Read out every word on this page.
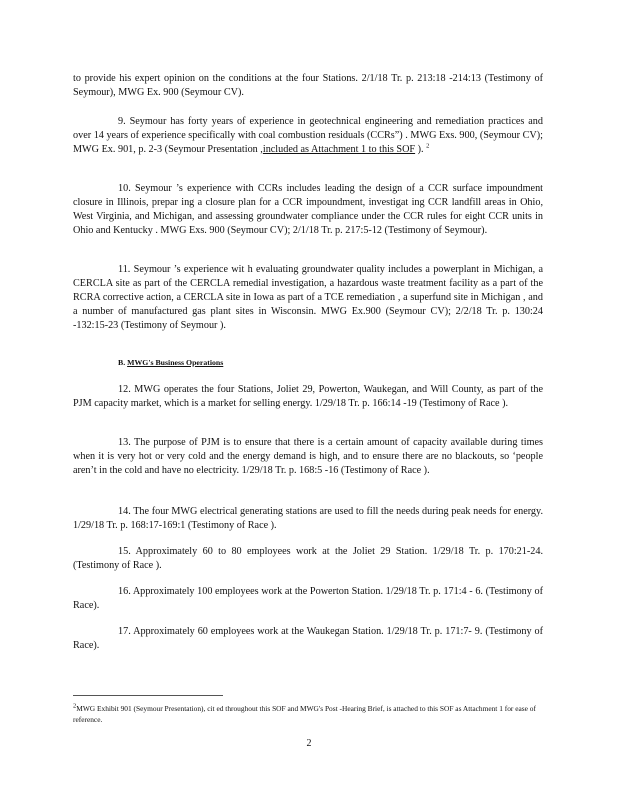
to provide his expert opinion on the conditions at the four Stations. 2/1/18 Tr. p. 213:18 -214:13 (Testimony of Seymour), MWG Ex. 900 (Seymour CV).

9. Seymour has forty years of experience in geotechnical engineering and remediation practices and over 14 years of experience specifically with coal combustion residuals (CCRs”) . MWG Exs. 900, (Seymour CV); MWG Ex. 901, p. 2-3 (Seymour Presentation ,included as Attachment 1 to this SOF ). $^2$

10. Seymour ’s experience with CCRs includes leading the design of a CCR surface impoundment closure in Illinois, prepar ing a closure plan for a CCR impoundment, investigat ing CCR landfill areas in Ohio, West Virginia, and Michigan, and assessing groundwater compliance under the CCR rules for eight CCR units in Ohio and Kentucky . MWG Exs. 900 (Seymour CV); 2/1/18 Tr. p. 217:5-12 (Testimony of Seymour).

11. Seymour ’s experience wit h evaluating groundwater quality includes a powerplant in Michigan, a CERCLA site as part of the CERCLA remedial investigation, a hazardous waste treatment facility as a part of the RCRA corrective action, a CERCLA site in Iowa as part of a TCE remediation , a superfund site in Michigan , and a number of manufactured gas plant sites in Wisconsin. MWG Ex.900 (Seymour CV); 2/2/18 Tr. p. 130:24 -132:15-23 (Testimony of Seymour ).

B. MWG's Business Operations

12. MWG operates the four Stations, Joliet 29, Powerton, Waukegan, and Will County, as part of the PJM capacity market, which is a market for selling energy. 1/29/18 Tr. p. 166:14 -19 (Testimony of Race ).

13. The purpose of PJM is to ensure that there is a certain amount of capacity available during times when it is very hot or very cold and the energy demand is high, and to ensure there are no blackouts, so ‘people aren’t in the cold and have no electricity. 1/29/18 Tr. p. 168:5 -16 (Testimony of Race ).

14. The four MWG electrical generating stations are used to fill the needs during peak needs for energy. 1/29/18 Tr. p. 168:17-169:1 (Testimony of Race ).

15. Approximately 60 to 80 employees work at the Joliet 29 Station. 1/29/18 Tr. p. 170:21-24. (Testimony of Race ).

16. Approximately 100 employees work at the Powerton Station. 1/29/18 Tr. p. 171:4 - 6. (Testimony of Race).

17. Approximately 60 employees work at the Waukegan Station. 1/29/18 Tr. p. 171:7- 9. (Testimony of Race).

$^2$MWG Exhibit 901 (Seymour Presentation), cit ed throughout this SOF and MWG's Post -Hearing Brief, is attached to this SOF as Attachment 1 for ease of reference.

2
